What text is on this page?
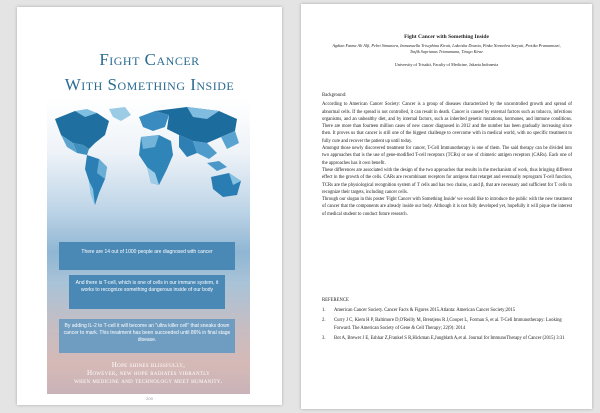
Fight Cancer
With Something Inside
There are 14 out of 1000 people are diagnosed with cancer
And there is T-cell, which is one of cells in our immune system, it works to recognize something dangerous inside of our body
By adding IL-2 to T-cell it will become an "ultra killer cell" that sneaks down cancer to mark. This treatment has been succeeded until 86% in final stage disease.
Hope shines blissfully,
However, new hope radiates vibrantly
when medicine and technology meet humanity.
209
Fight Cancer with Something Inside
Agdian Fatma Ali Alfi, Pebri Simanora, Immanuella Trisephina Kirait, Lakeisha Deania, Pinka Nennebra Suryati, Pretika Pramamsari, Tasfik Saprianus Trianamana, Tirago Kirae
University of Trisakti, Faculty of Medicine, Jakarta Indonesia

Background:

According to American Cancer Society: Cancer is a group of diseases characterized by the uncontrolled growth and spread of abnormal cells. If the spread is not controlled, it can result in death. Cancer is caused by external factors such as tobacco, infectious organisms, and an unhealthy diet, and by internal factors, such as inherited genetic mutations, hormones, and immune conditions. There are more than fourteen million cases of new cancer diagnosed in 2012 and the number has been gradually increasing since then. It proves us that cancer is still one of the biggest challenge to overcome with in medical world, with no specific treatment to fully cure and recover the patient up until today.

Amongst those newly discovered treatment for cancer, T-Cell Immunotherapy is one of them. The said therapy can be divided into two approaches that is the use of gene-modified T-cell receptors (TCRs) or use of chimeric antigen receptors (CARs). Each one of the approaches has it own benefit.

These differences are associated with the design of the two approaches that results in the mechanism of work, thus bringing different effect in the growth of the cells. CARs are recombinant receptors for antigens that retarget and eventually reprogram T-cell function, TCRs are the physiological recognition system of T cells and has two chains, α and β, that are necessary and sufficient for T cells to recognize their targets, including cancer cells.

Through our slogan in this poster 'Fight Cancer with Something Inside' we would like to introduce the public with the new treatment of cancer that the components are already inside our body. Although it is not fully developed yet, hopefully it will pique the interest of medical student to conduct future research.

REFERENCE
1. American Cancer Society. Cancer Facts & Figures 2015.Atlanta: American Cancer Society;2015
2. Curry J C, Kiem H P, Baltimore D,O'Reilly M, Brentjens R J,Cooper L, Forman S, et al. T-Cell Immunotherapy: Looking Forward. The American Society of Gene & Cell Therapy; 22(9): 2014
3. Bot A, Brewer J E, Eshhar Z,Frankel S R,Hickman E,Jungblath A,et al. Journal for ImmunoTherapy of Cancer (2015) 3:31
